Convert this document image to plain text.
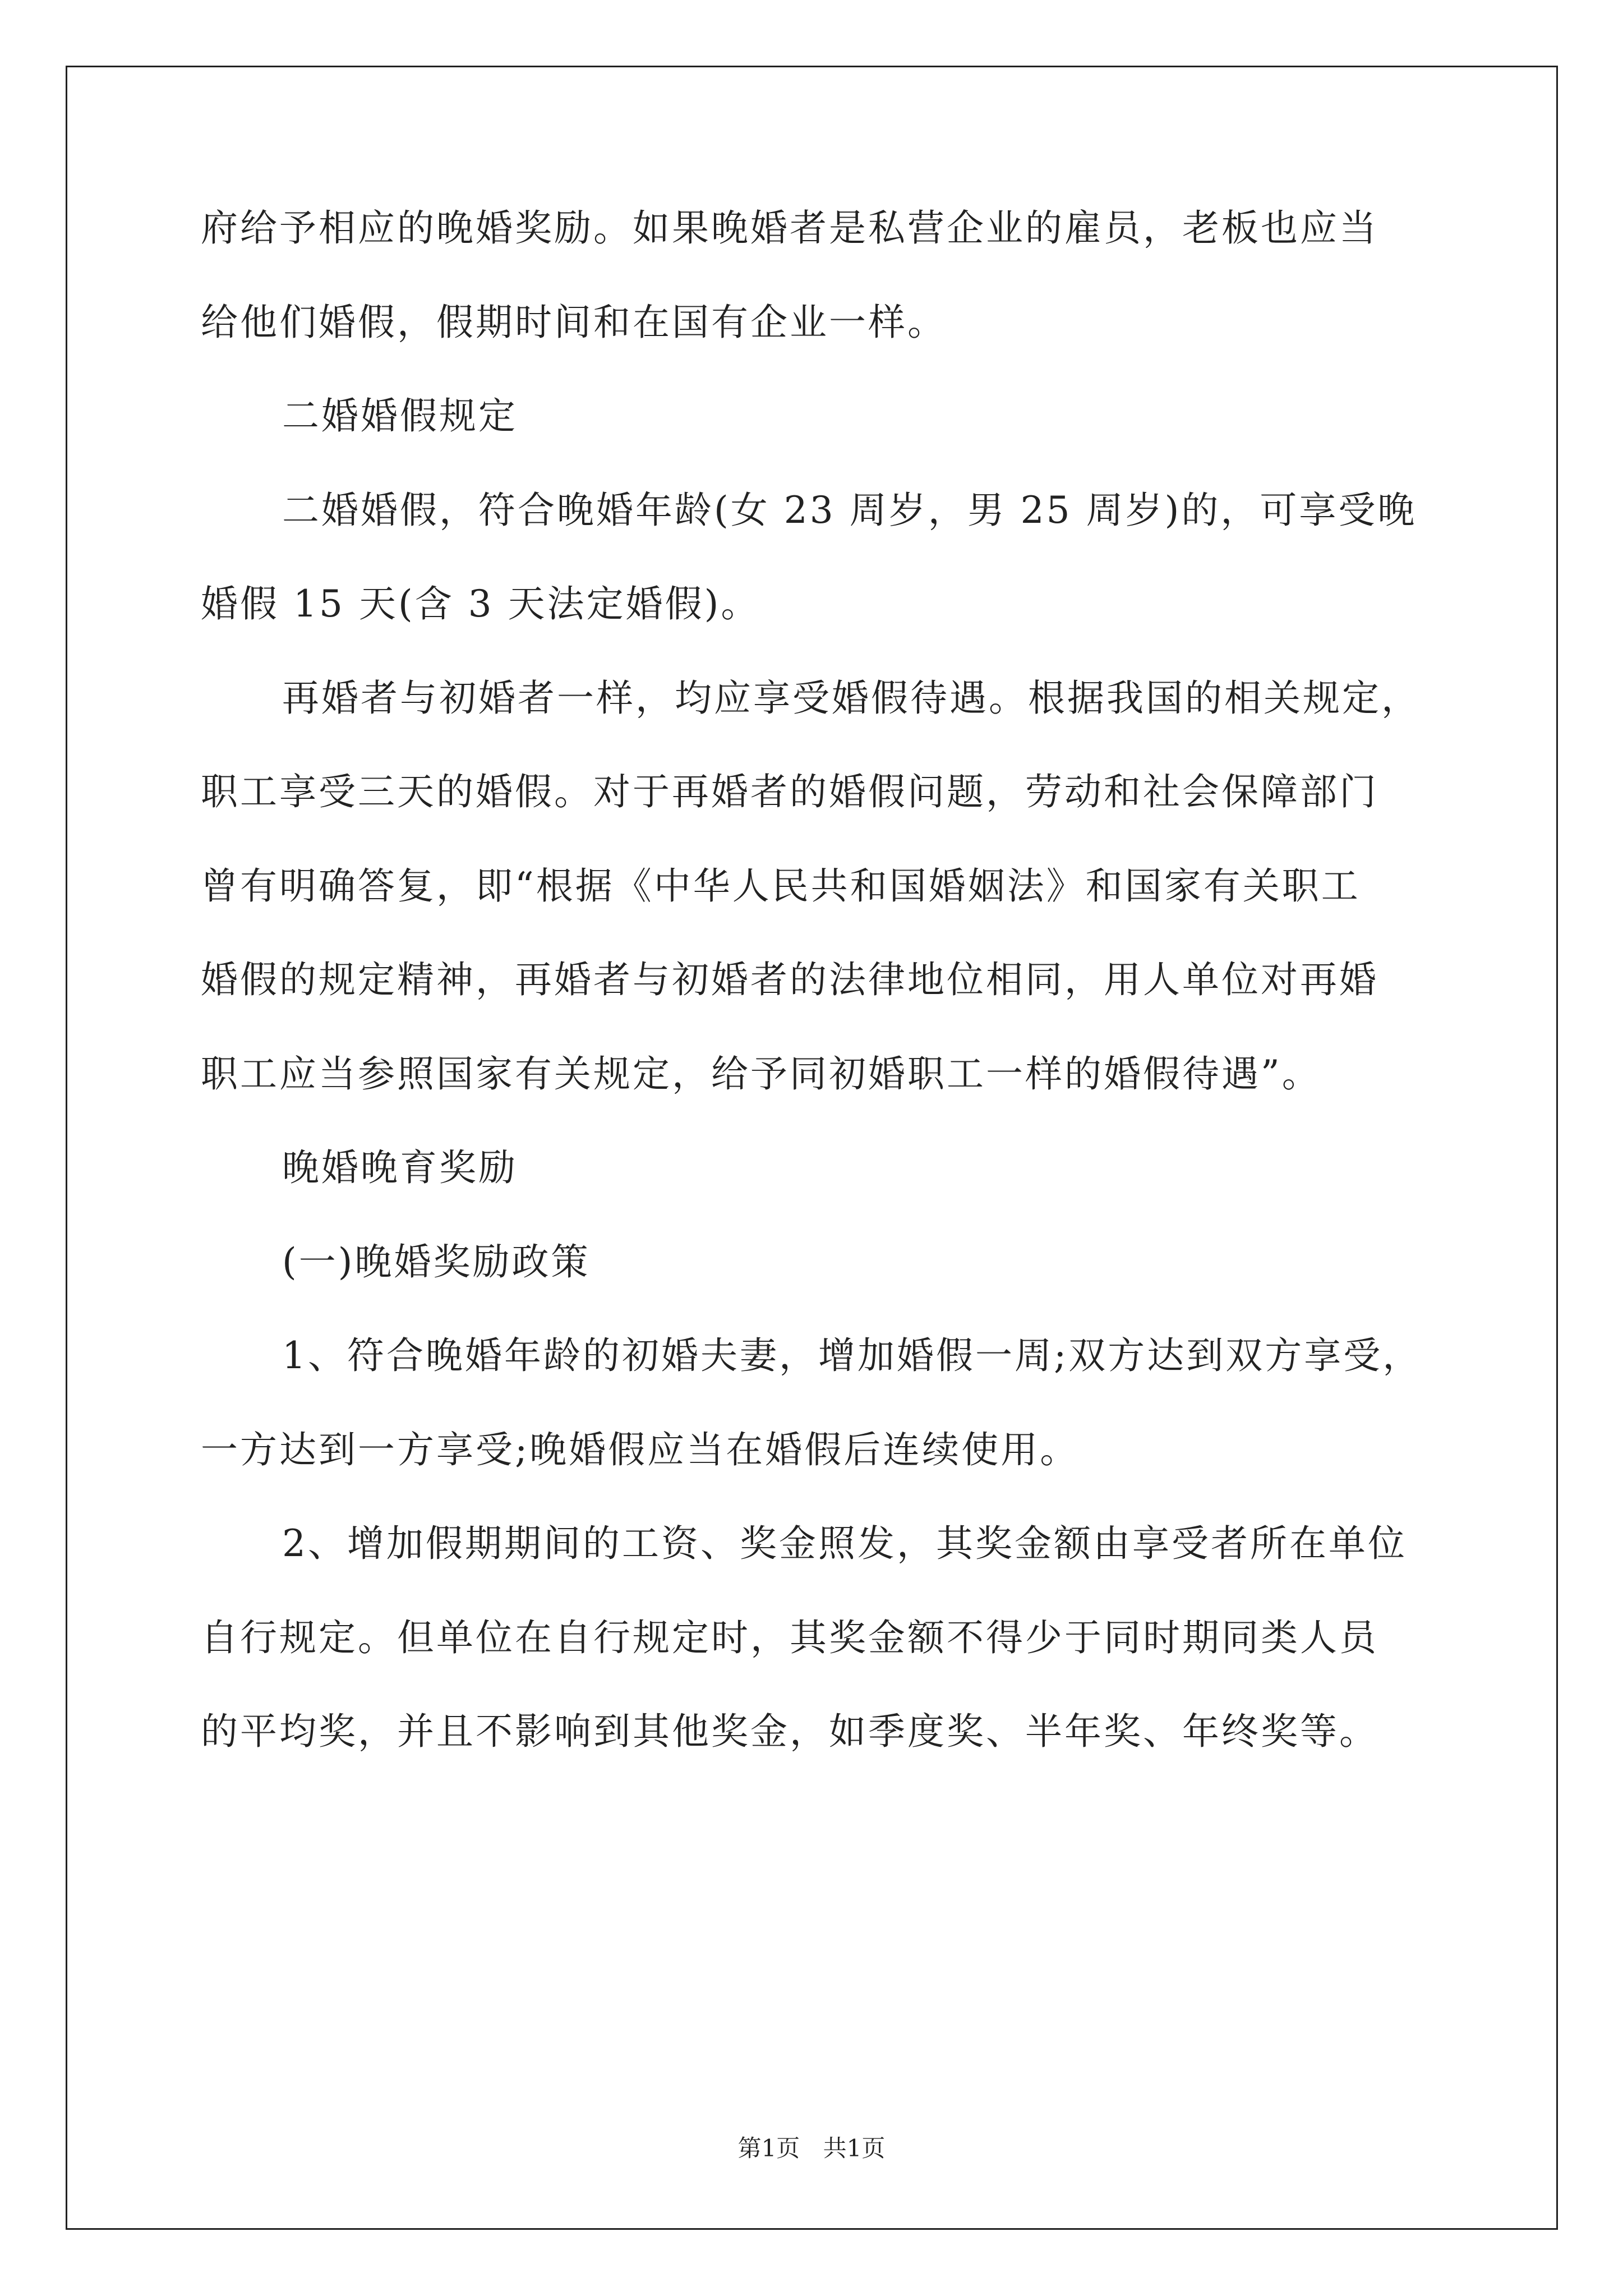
府给予相应的晚婚奖励。如果晚婚者是私营企业的雇员，老板也应当
给他们婚假，假期时间和在国有企业一样。
二婚婚假规定
二婚婚假，符合晚婚年龄(女 23 周岁，男 25 周岁)的，可享受晚
婚假 15 天(含 3 天法定婚假)。
再婚者与初婚者一样，均应享受婚假待遇。根据我国的相关规定，
职工享受三天的婚假。对于再婚者的婚假问题，劳动和社会保障部门
曾有明确答复，即“根据《中华人民共和国婚姻法》和国家有关职工
婚假的规定精神，再婚者与初婚者的法律地位相同，用人单位对再婚
职工应当参照国家有关规定，给予同初婚职工一样的婚假待遇”。
晚婚晚育奖励
(一)晚婚奖励政策
1、符合晚婚年龄的初婚夫妻，增加婚假一周;双方达到双方享受，
一方达到一方享受;晚婚假应当在婚假后连续使用。
2、增加假期期间的工资、奖金照发，其奖金额由享受者所在单位
自行规定。但单位在自行规定时，其奖金额不得少于同时期同类人员
的平均奖，并且不影响到其他奖金，如季度奖、半年奖、年终奖等。
第1页 共1页
